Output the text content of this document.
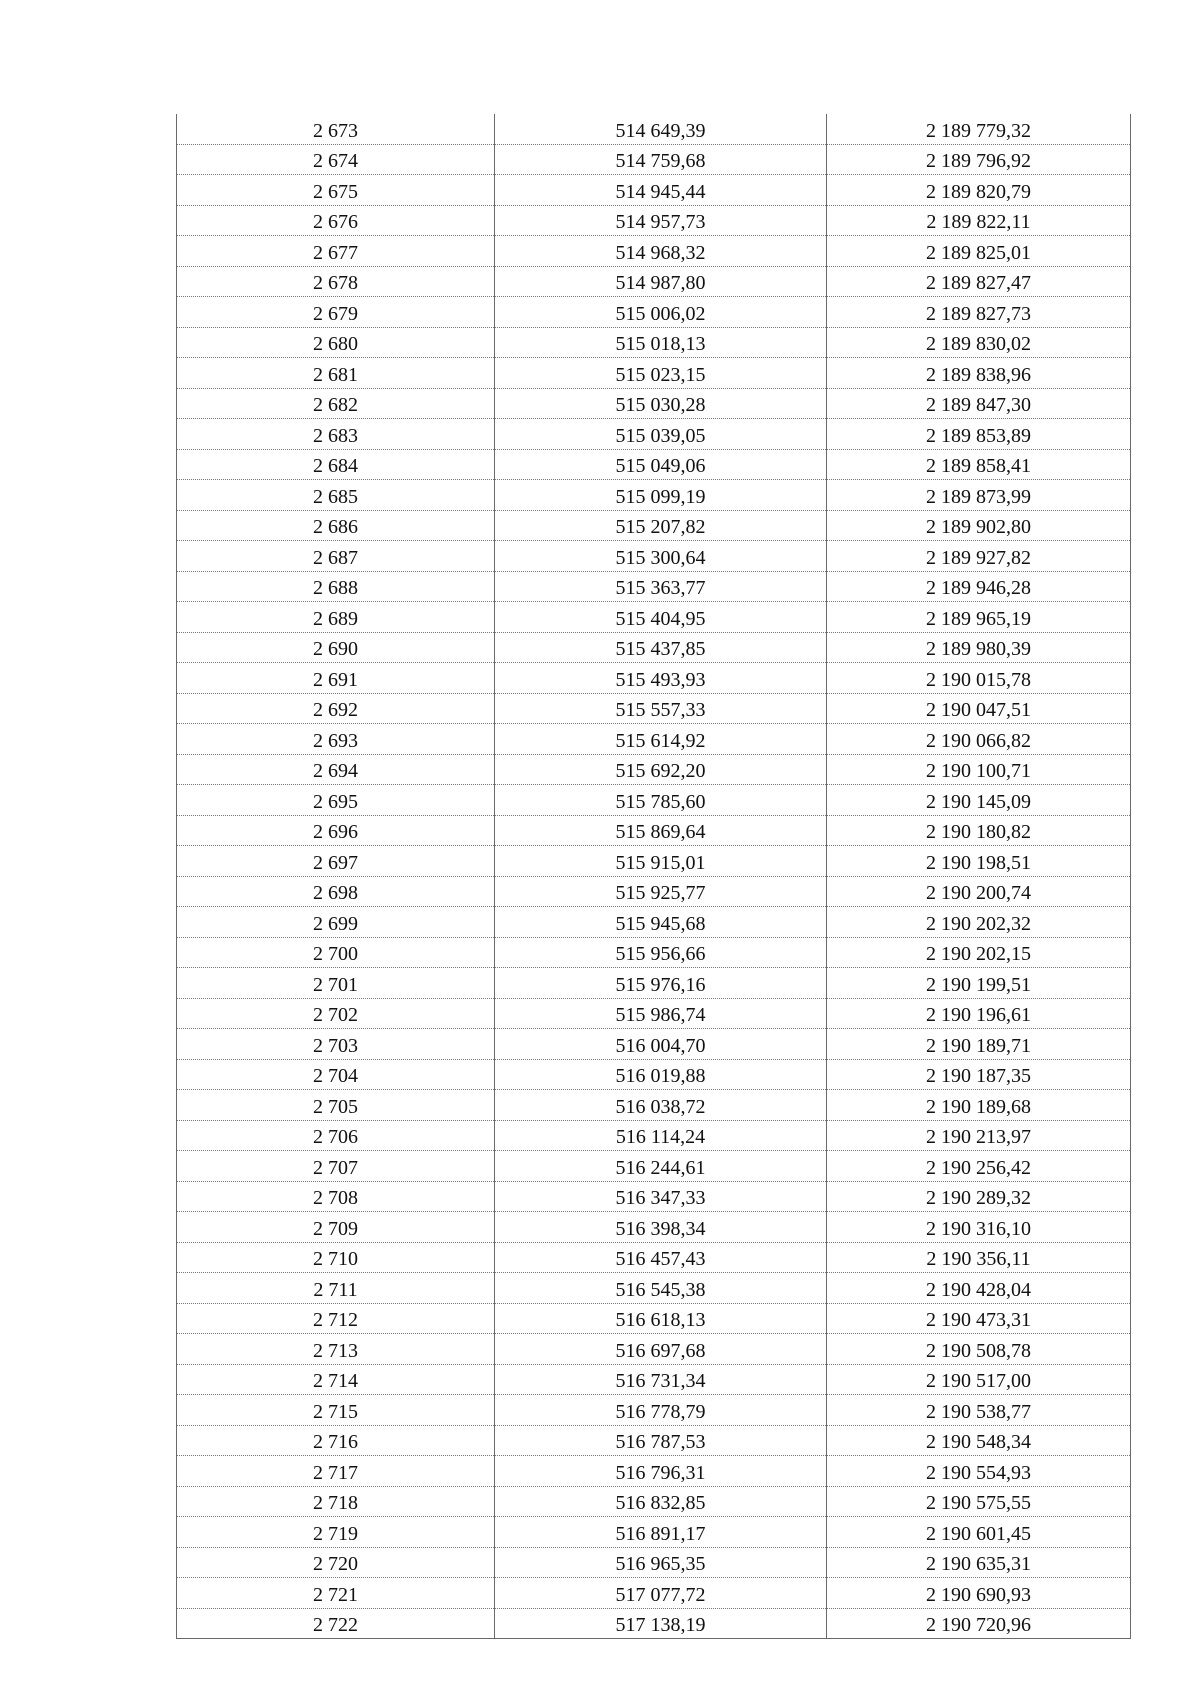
2 673	514 649,39	2 189 779,32
2 674	514 759,68	2 189 796,92
2 675	514 945,44	2 189 820,79
2 676	514 957,73	2 189 822,11
2 677	514 968,32	2 189 825,01
2 678	514 987,80	2 189 827,47
2 679	515 006,02	2 189 827,73
2 680	515 018,13	2 189 830,02
2 681	515 023,15	2 189 838,96
2 682	515 030,28	2 189 847,30
2 683	515 039,05	2 189 853,89
2 684	515 049,06	2 189 858,41
2 685	515 099,19	2 189 873,99
2 686	515 207,82	2 189 902,80
2 687	515 300,64	2 189 927,82
2 688	515 363,77	2 189 946,28
2 689	515 404,95	2 189 965,19
2 690	515 437,85	2 189 980,39
2 691	515 493,93	2 190 015,78
2 692	515 557,33	2 190 047,51
2 693	515 614,92	2 190 066,82
2 694	515 692,20	2 190 100,71
2 695	515 785,60	2 190 145,09
2 696	515 869,64	2 190 180,82
2 697	515 915,01	2 190 198,51
2 698	515 925,77	2 190 200,74
2 699	515 945,68	2 190 202,32
2 700	515 956,66	2 190 202,15
2 701	515 976,16	2 190 199,51
2 702	515 986,74	2 190 196,61
2 703	516 004,70	2 190 189,71
2 704	516 019,88	2 190 187,35
2 705	516 038,72	2 190 189,68
2 706	516 114,24	2 190 213,97
2 707	516 244,61	2 190 256,42
2 708	516 347,33	2 190 289,32
2 709	516 398,34	2 190 316,10
2 710	516 457,43	2 190 356,11
2 711	516 545,38	2 190 428,04
2 712	516 618,13	2 190 473,31
2 713	516 697,68	2 190 508,78
2 714	516 731,34	2 190 517,00
2 715	516 778,79	2 190 538,77
2 716	516 787,53	2 190 548,34
2 717	516 796,31	2 190 554,93
2 718	516 832,85	2 190 575,55
2 719	516 891,17	2 190 601,45
2 720	516 965,35	2 190 635,31
2 721	517 077,72	2 190 690,93
2 722	517 138,19	2 190 720,96
